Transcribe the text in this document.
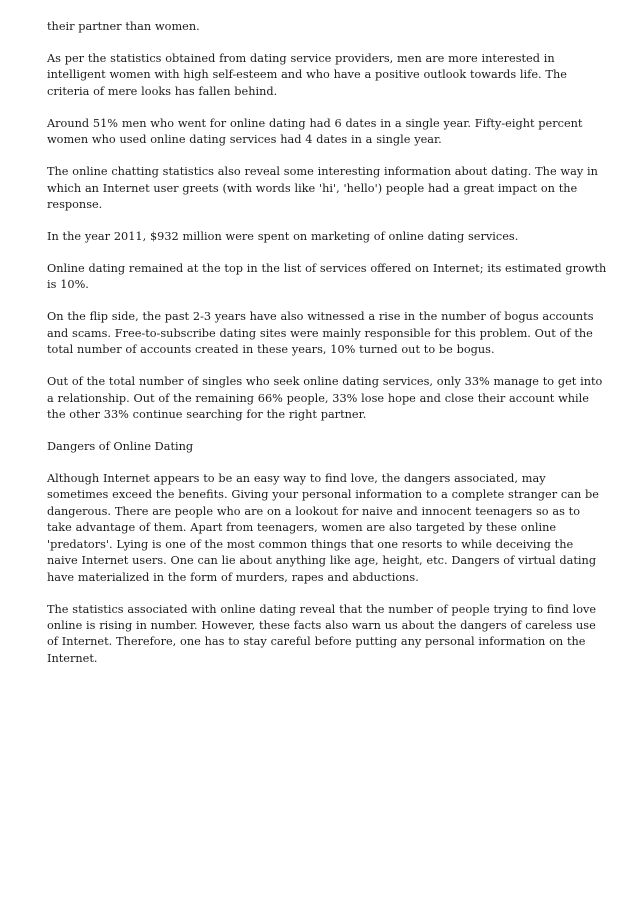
their partner than women.

As per the statistics obtained from dating service providers, men are more interested in intelligent women with high self-esteem and who have a positive outlook towards life. The criteria of mere looks has fallen behind.

Around 51% men who went for online dating had 6 dates in a single year. Fifty-eight percent women who used online dating services had 4 dates in a single year.

The online chatting statistics also reveal some interesting information about dating. The way in which an Internet user greets (with words like 'hi', 'hello') people had a great impact on the response.

In the year 2011, $932 million were spent on marketing of online dating services.

Online dating remained at the top in the list of services offered on Internet; its estimated growth is 10%.

On the flip side, the past 2-3 years have also witnessed a rise in the number of bogus accounts and scams. Free-to-subscribe dating sites were mainly responsible for this problem. Out of the total number of accounts created in these years, 10% turned out to be bogus.

Out of the total number of singles who seek online dating services, only 33% manage to get into a relationship. Out of the remaining 66% people, 33% lose hope and close their account while the other 33% continue searching for the right partner.

Dangers of Online Dating

Although Internet appears to be an easy way to find love, the dangers associated, may sometimes exceed the benefits. Giving your personal information to a complete stranger can be dangerous. There are people who are on a lookout for naive and innocent teenagers so as to take advantage of them. Apart from teenagers, women are also targeted by these online 'predators'. Lying is one of the most common things that one resorts to while deceiving the naive Internet users. One can lie about anything like age, height, etc. Dangers of virtual dating have materialized in the form of murders, rapes and abductions.

The statistics associated with online dating reveal that the number of people trying to find love online is rising in number. However, these facts also warn us about the dangers of careless use of Internet. Therefore, one has to stay careful before putting any personal information on the Internet.
